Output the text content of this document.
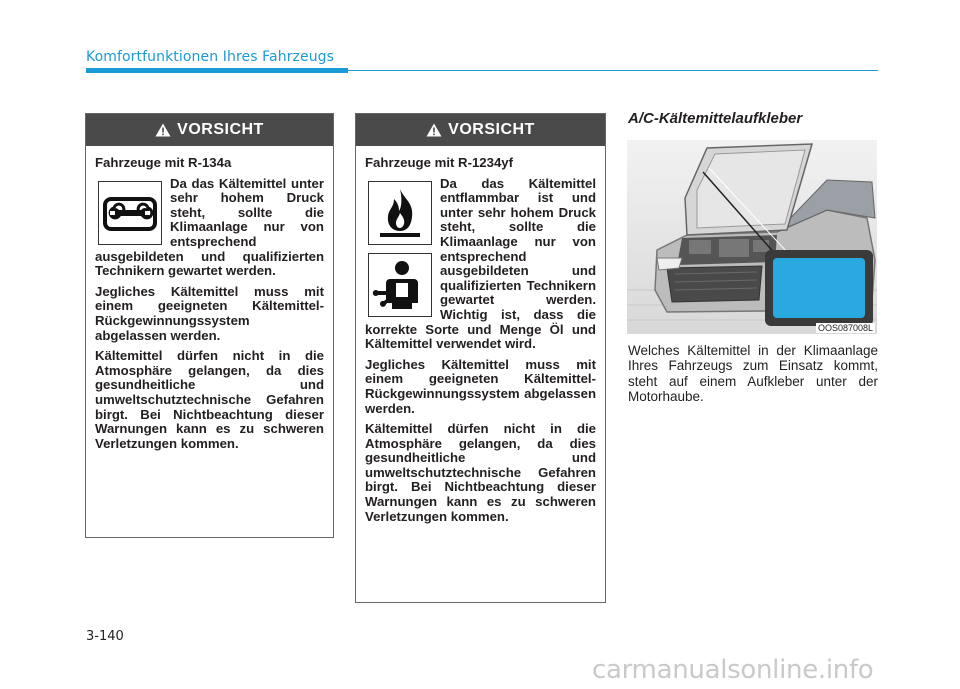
Komfortfunktionen Ihres Fahrzeugs
VORSICHT
Fahrzeuge mit R-134a

Da das Kältemittel unter sehr hohem Druck steht, sollte die Klimaanlage nur von entsprechend ausgebildeten und qualifizierten Technikern gewartet werden.

Jegliches Kältemittel muss mit einem geeigneten Kältemittel-Rückgewinnungssystem abgelassen werden.

Kältemittel dürfen nicht in die Atmosphäre gelangen, da dies gesundheitliche und umweltschutztechnische Gefahren birgt. Bei Nichtbeachtung dieser Warnungen kann es zu schweren Verletzungen kommen.

VORSICHT
Fahrzeuge mit R-1234yf

Da das Kältemittel entflammbar ist und unter sehr hohem Druck steht, sollte die Klimaanlage nur von entsprechend ausgebildeten und qualifizierten Technikern gewartet werden. Wichtig ist, dass die korrekte Sorte und Menge Öl und Kältemittel verwendet wird.

Jegliches Kältemittel muss mit einem geeigneten Kältemittel-Rückgewinnungssystem abgelassen werden.

Kältemittel dürfen nicht in die Atmosphäre gelangen, da dies gesundheitliche und umweltschutztechnische Gefahren birgt. Bei Nichtbeachtung dieser Warnungen kann es zu schweren Verletzungen kommen.

A/C-Kältemittelaufkleber
OOS087008L
Welches Kältemittel in der Klimaanlage Ihres Fahrzeugs zum Einsatz kommt, steht auf einem Aufkleber unter der Motorhaube.
3-140
carmanualsonline.info
